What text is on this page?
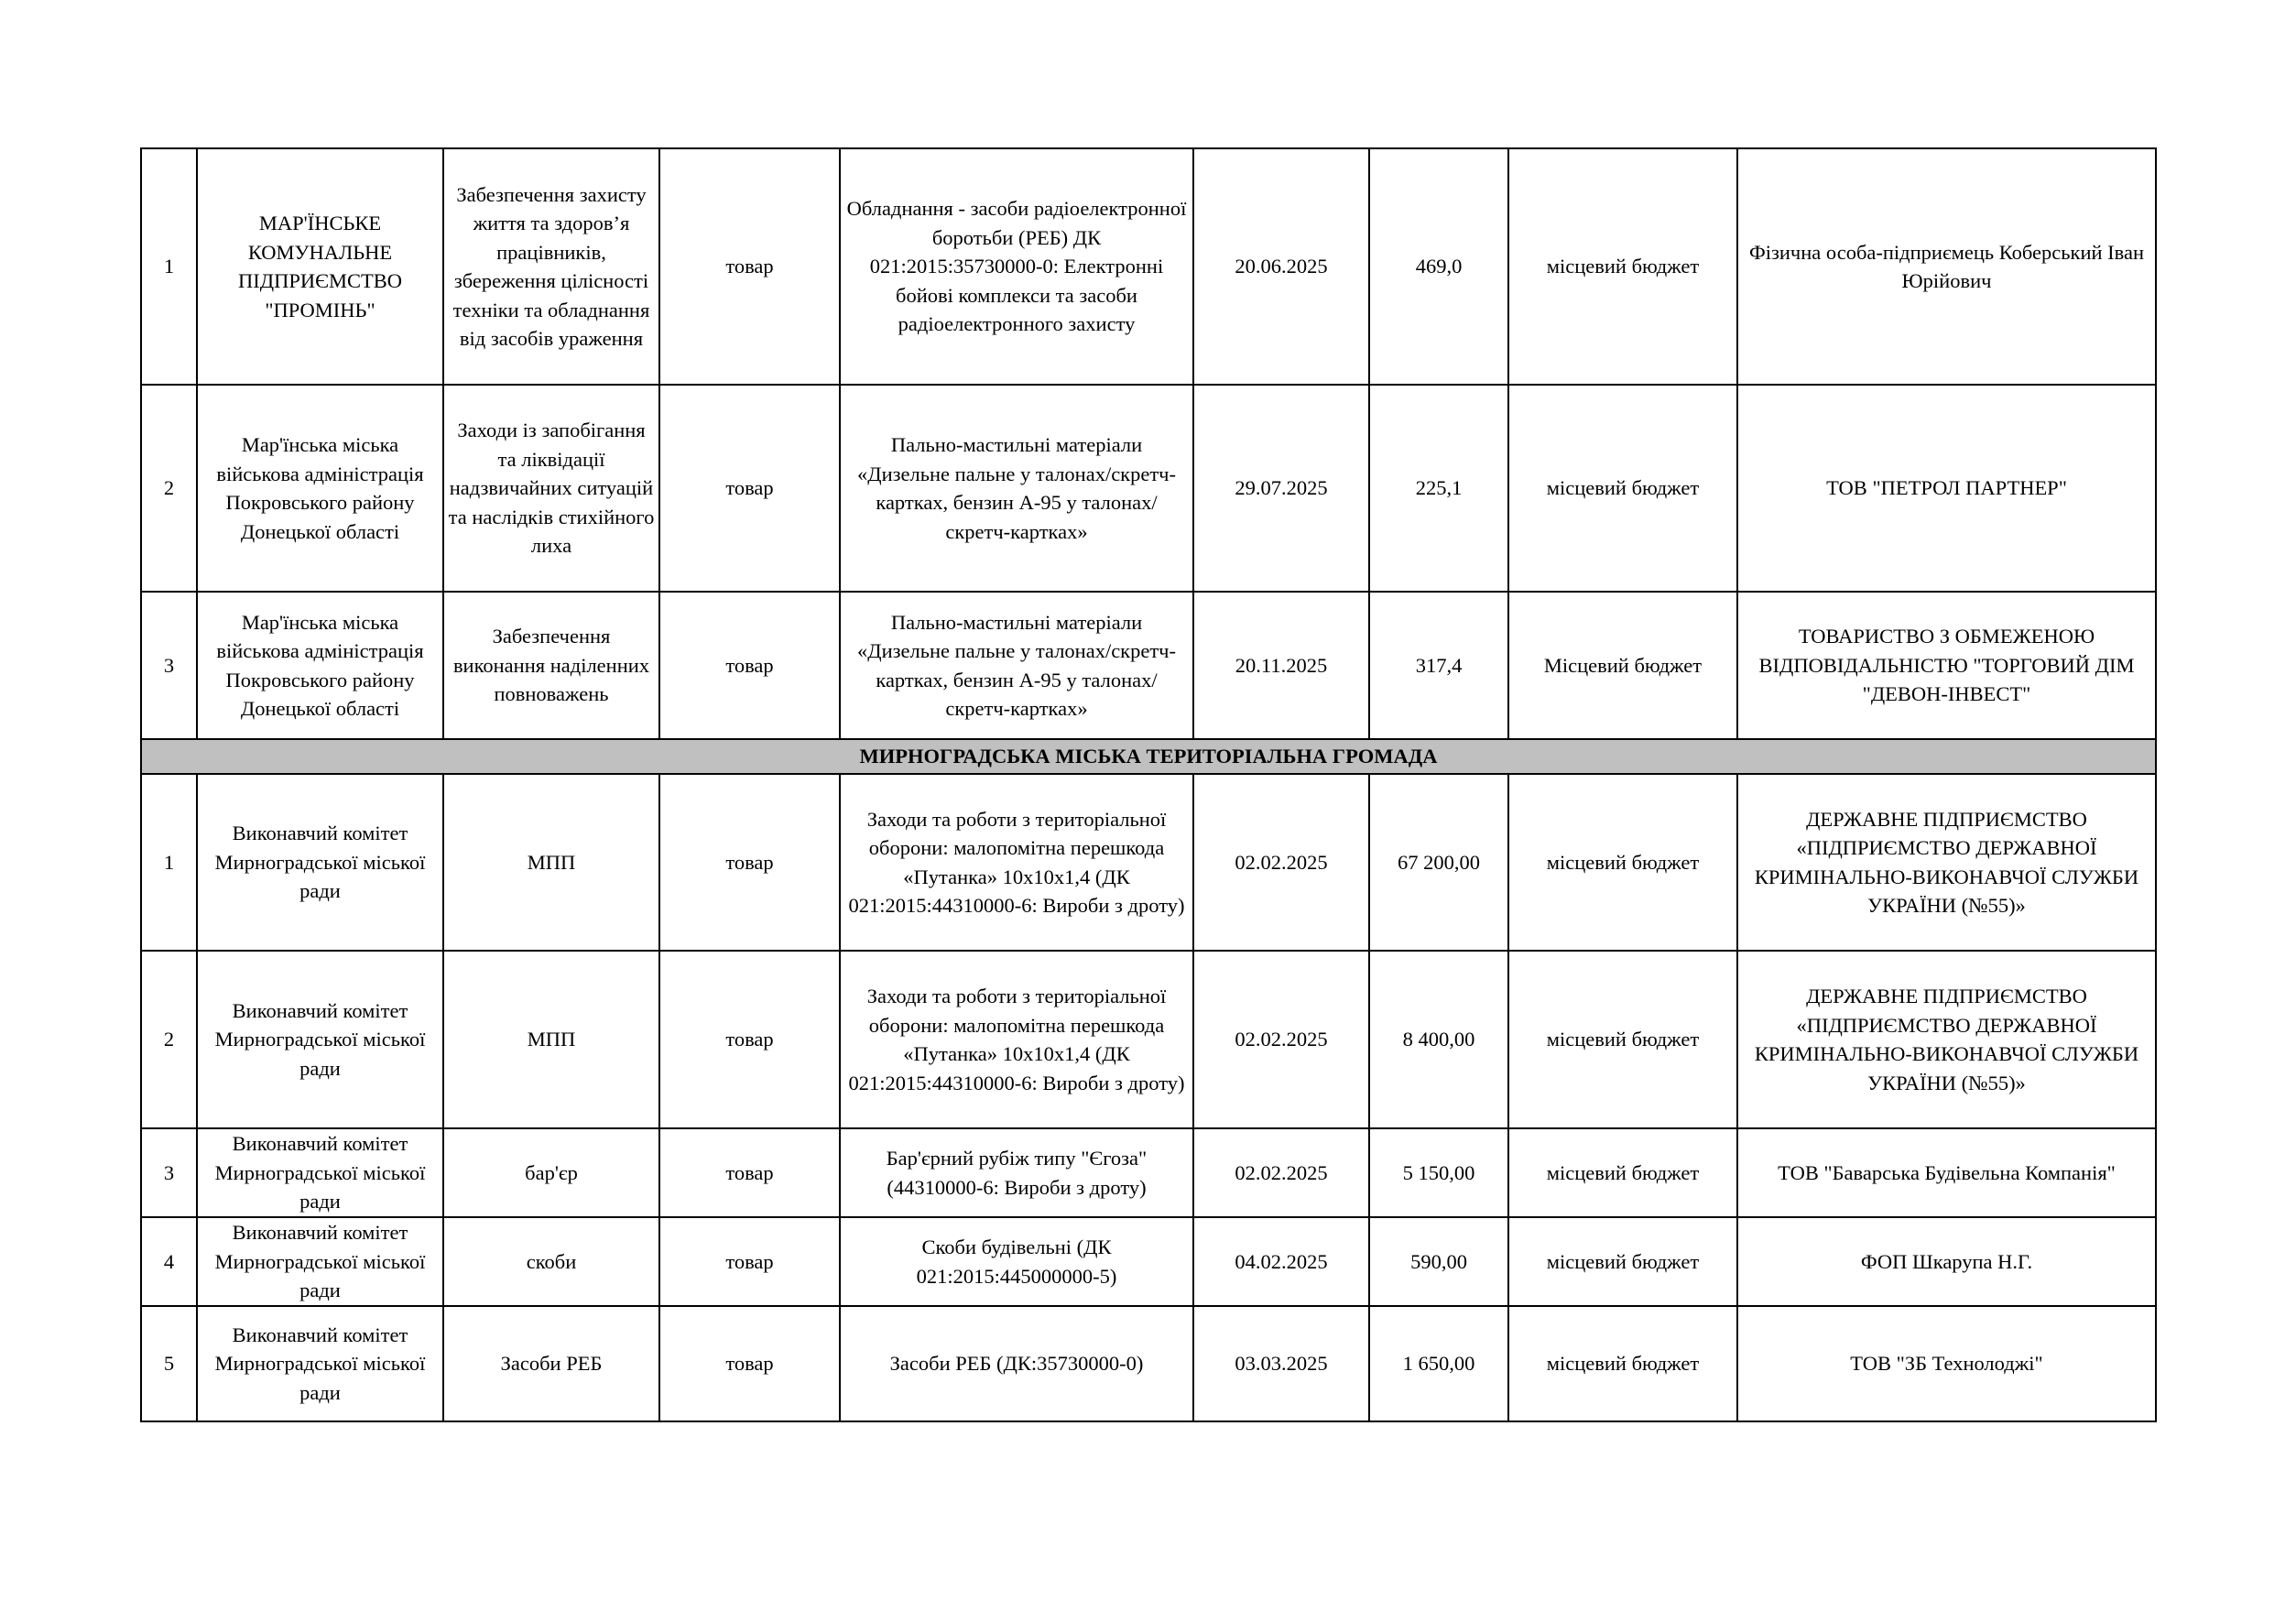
1	МАР'ЇНСЬКЕ КОМУНАЛЬНЕ ПІДПРИЄМСТВО "ПРОМІНЬ"	Забезпечення захисту життя та здоров’я працівників, збереження цілісності техніки та обладнання від засобів ураження	товар	Обладнання - засоби радіоелектронної боротьби (РЕБ) ДК 021:2015:35730000-0: Електронні бойові комплекси та засоби радіоелектронного захисту	20.06.2025	469,0	місцевий бюджет	Фізична особа-підприємець Коберський Іван Юрійович
2	Мар'їнська міська військова адміністрація Покровського району Донецької області	Заходи із запобігання та ліквідації надзвичайних ситуацій та наслідків стихійного лиха	товар	Пально-мастильні матеріали «Дизельне пальне у талонах/скретч-картках, бензин А-95 у талонах/скретч-картках»	29.07.2025	225,1	місцевий бюджет	ТОВ "ПЕТРОЛ ПАРТНЕР"
3	Мар'їнська міська військова адміністрація Покровського району Донецької області	Забезпечення виконання наділенних повноважень	товар	Пально-мастильні матеріали «Дизельне пальне у талонах/скретч-картках, бензин А-95 у талонах/скретч-картках»	20.11.2025	317,4	Місцевий бюджет	ТОВАРИСТВО З ОБМЕЖЕНОЮ ВІДПОВІДАЛЬНІСТЮ "ТОРГОВИЙ ДІМ "ДЕВОН-ІНВЕСТ"
МИРНОГРАДСЬКА МІСЬКА ТЕРИТОРІАЛЬНА ГРОМАДА								
1	Виконавчий комітет Мирноградської міської ради	МПП	товар	Заходи та роботи з територіальної оборони: малопомітна перешкода «Путанка» 10х10х1,4 (ДК 021:2015:44310000-6: Вироби з дроту)	02.02.2025	67 200,00	місцевий бюджет	ДЕРЖАВНЕ ПІДПРИЄМСТВО «ПІДПРИЄМСТВО ДЕРЖАВНОЇ КРИМІНАЛЬНО-ВИКОНАВЧОЇ СЛУЖБИ УКРАЇНИ (№55)»
2	Виконавчий комітет Мирноградської міської ради	МПП	товар	Заходи та роботи з територіальної оборони: малопомітна перешкода «Путанка» 10х10х1,4 (ДК 021:2015:44310000-6: Вироби з дроту)	02.02.2025	8 400,00	місцевий бюджет	ДЕРЖАВНЕ ПІДПРИЄМСТВО «ПІДПРИЄМСТВО ДЕРЖАВНОЇ КРИМІНАЛЬНО-ВИКОНАВЧОЇ СЛУЖБИ УКРАЇНИ (№55)»
3	Виконавчий комітет Мирноградської міської ради	бар'єр	товар	Бар'єрний рубіж типу "Єгоза" (44310000-6: Вироби з дроту)	02.02.2025	5 150,00	місцевий бюджет	ТОВ "Баварська Будівельна Компанія"
4	Виконавчий комітет Мирноградської міської ради	скоби	товар	Скоби будівельні (ДК 021:2015:445000000-5)	04.02.2025	590,00	місцевий бюджет	ФОП Шкарупа Н.Г.
5	Виконавчий комітет Мирноградської міської ради	Засоби РЕБ	товар	Засоби РЕБ (ДК:35730000-0)	03.03.2025	1 650,00	місцевий бюджет	ТОВ "ЗБ Технолоджі"
